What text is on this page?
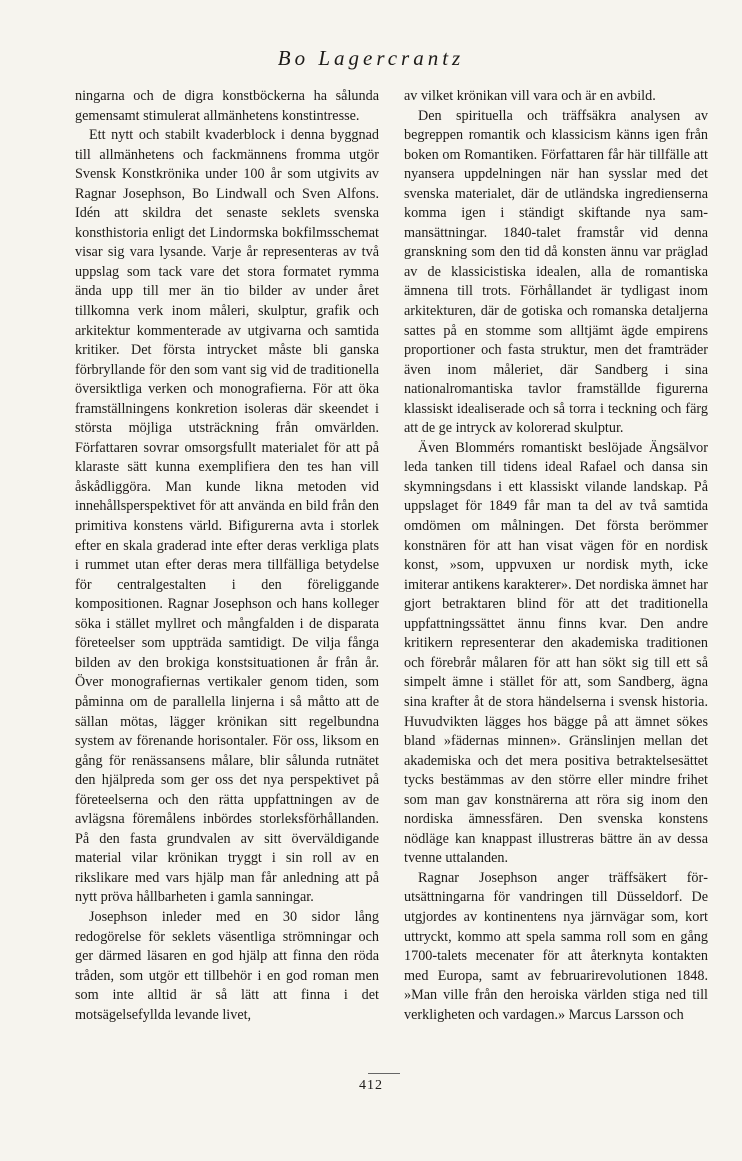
Bo Lagercrantz

ningarna och de digra konstböckerna ha sålunda gemensamt stimulerat allmänhetens konstintresse.

Ett nytt och stabilt kvaderblock i denna byggnad till allmänhetens och fackmännens fromma utgör Svensk Konstkrönika under 100 år som utgivits av Ragnar Josephson, Bo Lindwall och Sven Alfons. Idén att skildra det senaste seklets svenska konsthistoria enligt det Lindormska bokfilmsschemat visar sig vara lysande. Varje år representeras av två uppslag som tack vare det stora formatet rymma ända upp till mer än tio bilder av under året tillkomna verk inom måleri, skulptur, grafik och arkitektur kommenterade av utgivarna och samtida kritiker. Det första intrycket måste bli ganska förbryllande för den som vant sig vid de traditionella översiktliga verken och monografierna. För att öka framställningens konkretion isoleras där skeendet i största möjliga utsträckning från omvärlden. Författaren sovrar omsorgsfullt materialet för att på klaraste sätt kunna exemplifiera den tes han vill åskådliggöra. Man kunde likna metoden vid innehållsperspektivet för att använda en bild från den primitiva konstens värld. Bifigurerna avta i storlek efter en skala graderad inte efter deras verkliga plats i rummet utan efter deras mera tillfälliga betydelse för centralgestalten i den föreliggande kompositionen. Ragnar Josephson och hans kolleger söka i stället myllret och mångfalden i de disparata företeelser som uppträda samtidigt. De vilja fånga bilden av den brokiga konstsituationen år från år. Över monografiernas vertikaler genom tiden, som påminna om de parallella linjerna i så måtto att de sällan mötas, lägger krönikan sitt regelbundna system av förenande horisontaler. För oss, liksom en gång för renässansens målare, blir sålunda rutnätet den hjälpreda som ger oss det nya perspektivet på företeelserna och den rätta uppfattningen av de avlägsna föremålens inbördes storleksförhållanden. På den fasta grundvalen av sitt överväldigande material vilar krönikan tryggt i sin roll av en rikslikare med vars hjälp man får anledning att på nytt pröva hållbarheten i gamla sanningar.

Josephson inleder med en 30 sidor lång redogörelse för seklets väsentliga strömningar och ger därmed läsaren en god hjälp att finna den röda tråden, som utgör ett tillbehör i en god roman men som inte alltid är så lätt att finna i det motsägelsefyllda levande livet,

av vilket krönikan vill vara och är en avbild.

Den spirituella och träffsäkra analysen av begreppen romantik och klassicism känns igen från boken om Romantiken. Författaren får här tillfälle att nyansera uppdelningen när han sysslar med det svenska materialet, där de utländska ingredienserna komma igen i ständigt skiftande nya sammansättningar. 1840-talet framstår vid denna granskning som den tid då konsten ännu var präglad av de klassicistiska idealen, alla de romantiska ämnena till trots. Förhållandet är tydligast inom arkitekturen, där de gotiska och romanska detaljerna sattes på en stomme som alltjämt ägde empirens proportioner och fasta struktur, men det framträder även inom måleriet, där Sandberg i sina nationalromantiska tavlor framställde figurerna klassiskt idealiserade och så torra i teckning och färg att de ge intryck av kolorerad skulptur.

Även Blommérs romantiskt beslöjade Ängsälvor leda tanken till tidens ideal Rafael och dansa sin skymningsdans i ett klassiskt vilande landskap. På uppslaget för 1849 får man ta del av två samtida omdömen om målningen. Det första berömmer konstnären för att han visat vägen för en nordisk konst, »som, uppvuxen ur nordisk myth, icke imiterar antikens karakterer». Det nordiska ämnet har gjort betraktaren blind för att det traditionella uppfattningssättet ännu finns kvar. Den andre kritikern representerar den akademiska traditionen och förebrår målaren för att han sökt sig till ett så simpelt ämne i stället för att, som Sandberg, ägna sina krafter åt de stora händelserna i svensk historia. Huvudvikten lägges hos bägge på att ämnet sökes bland »fädernas minnen». Gränslinjen mellan det akademiska och det mera positiva betraktelsesättet tycks bestämmas av den större eller mindre frihet som man gav konstnärerna att röra sig inom den nordiska ämnessfären. Den svenska konstens nödläge kan knappast illustreras bättre än av dessa tvenne uttalanden.

Ragnar Josephson anger träffsäkert förutsättningarna för vandringen till Düsseldorf. De utgjordes av kontinentens nya järnvägar som, kort uttryckt, kommo att spela samma roll som en gång 1700-talets mecenater för att återknyta kontakten med Europa, samt av februarirevolutionen 1848. »Man ville från den heroiska världen stiga ned till verkligheten och vardagen.» Marcus Larsson och

412
